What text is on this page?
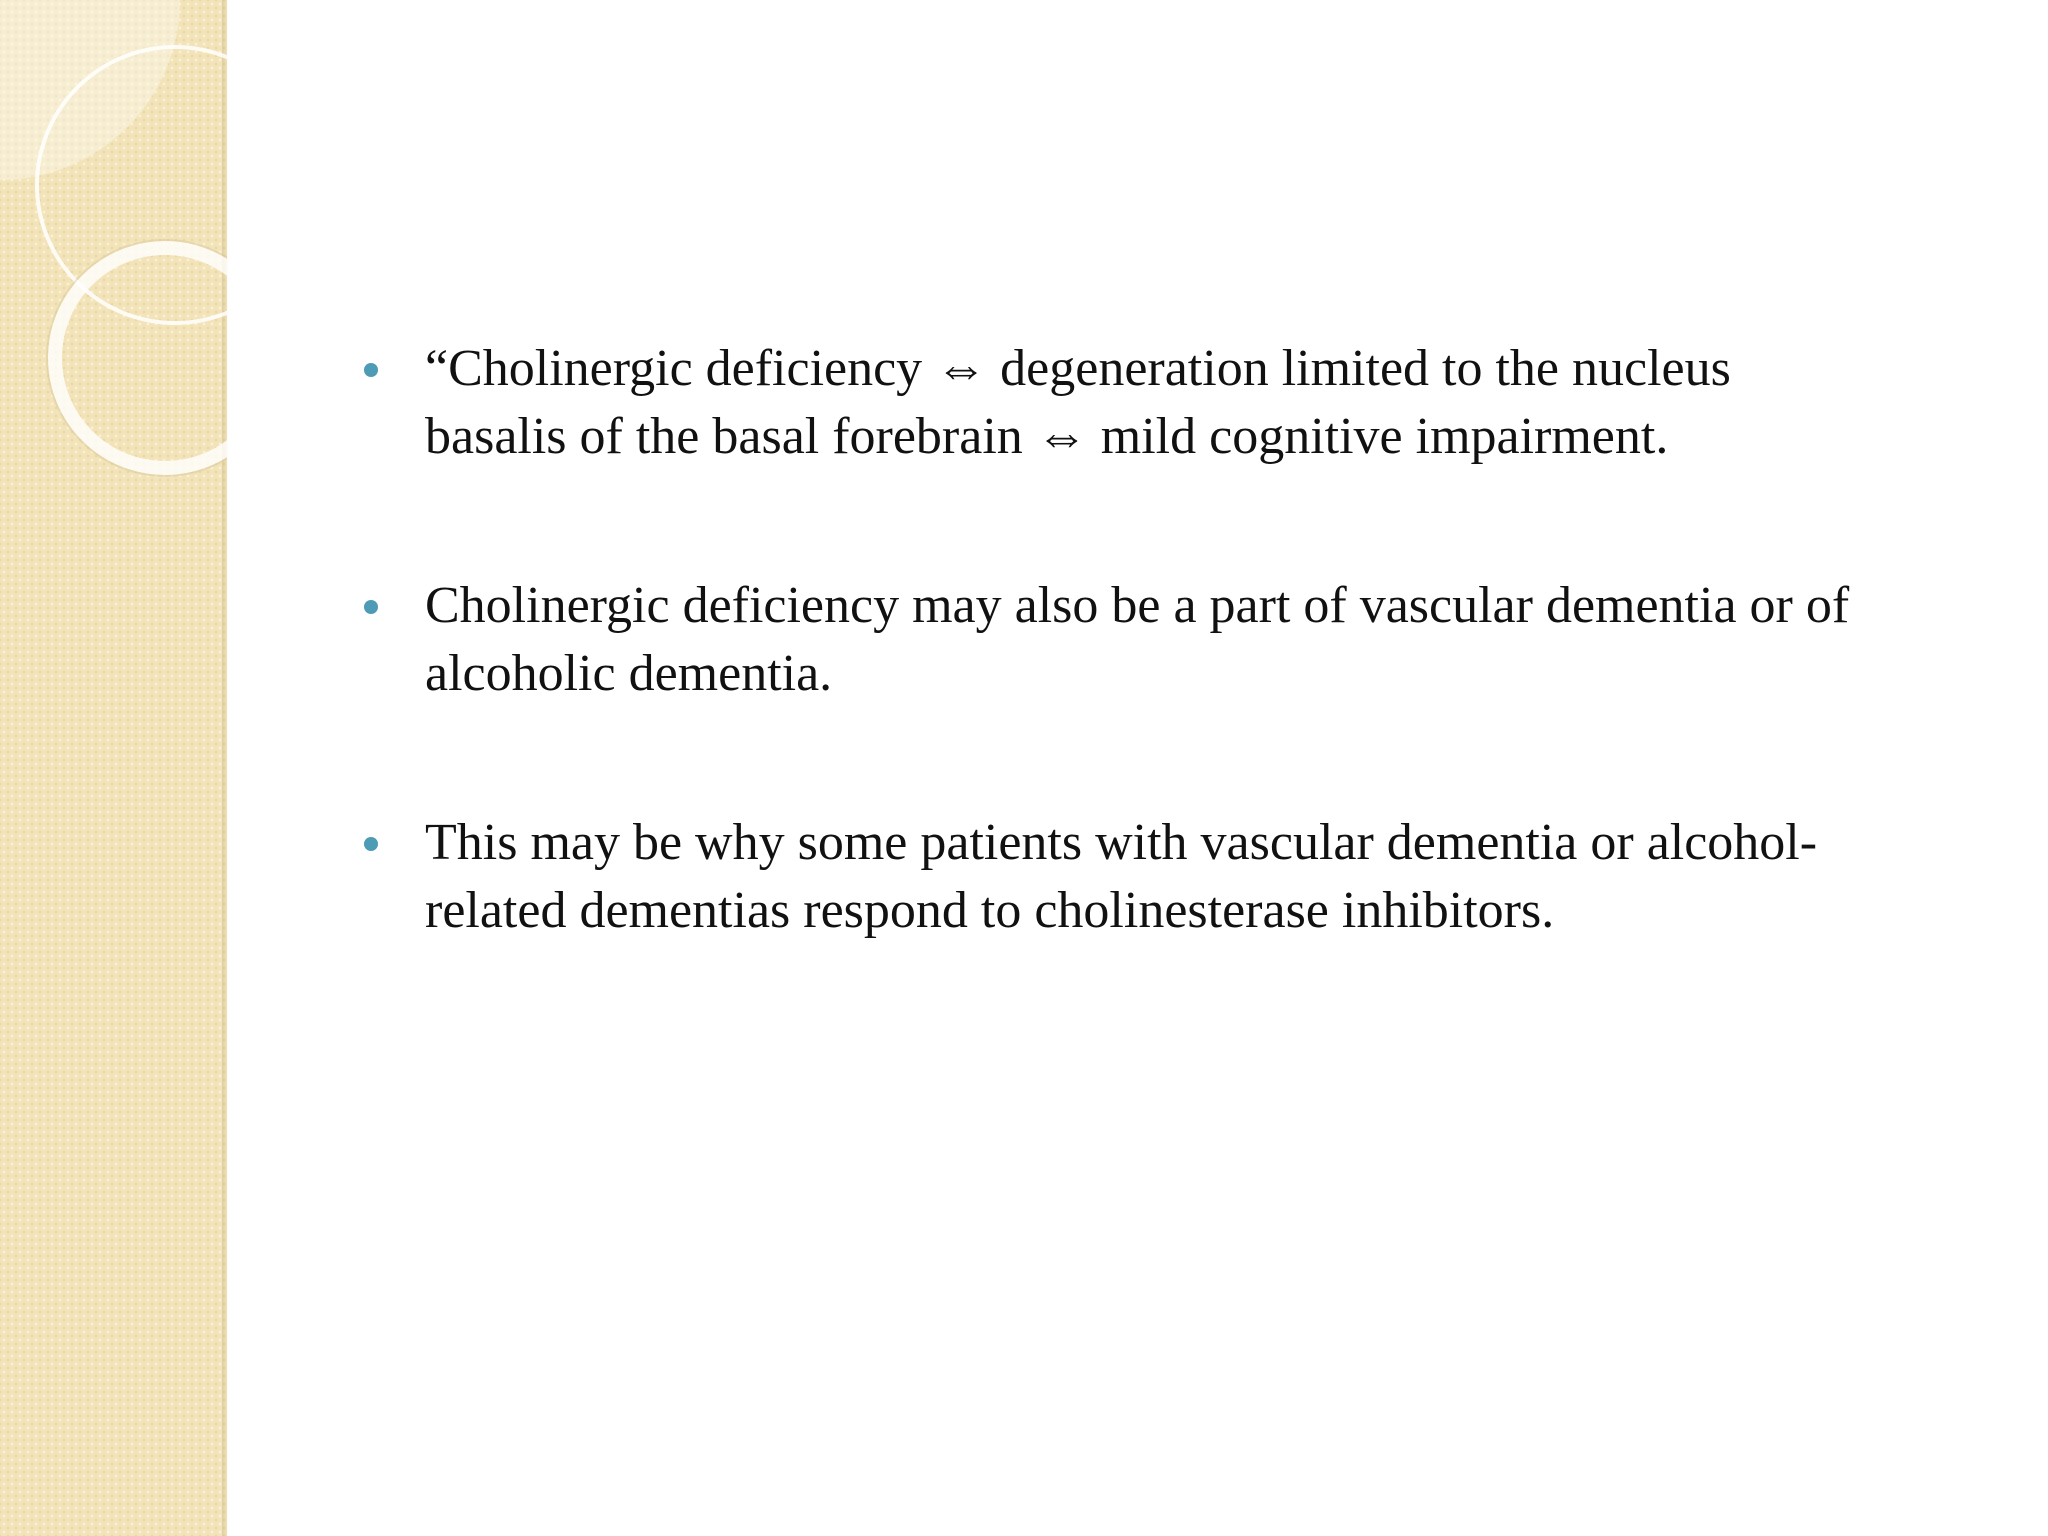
“Cholinergic deficiency ⇔ degeneration limited to the nucleus
basalis of the basal forebrain ⇔ mild cognitive impairment.
Cholinergic deficiency may also be a part of vascular dementia or of
alcoholic dementia.
This may be why some patients with vascular dementia or alcohol-
related dementias respond to cholinesterase inhibitors.
